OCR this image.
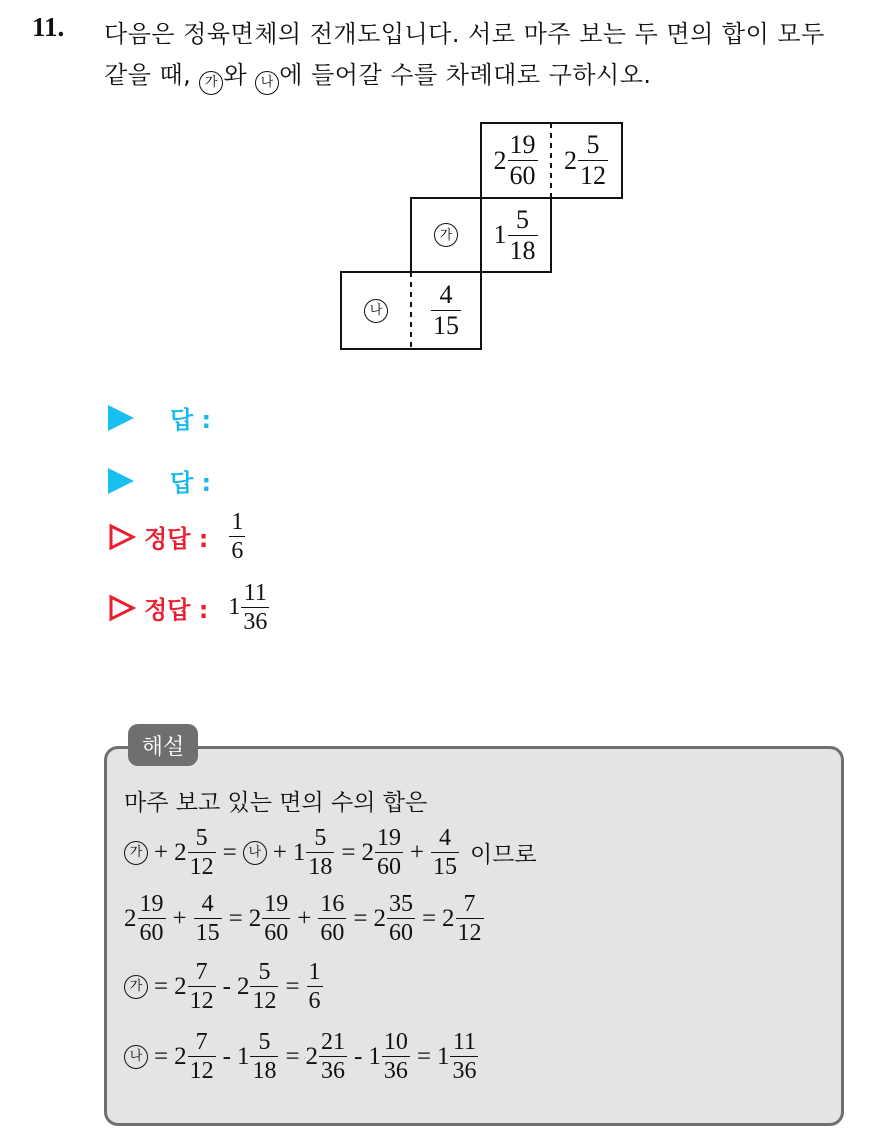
11. 다음은 정육면체의 전개도입니다. 서로 마주 보는 두 면의 합이 모두
같을 때, 가 와 나 에 들어갈 수를 차례대로 구하시오.
$2 \frac{19}{60} 2 \frac{5}{12}$
가 $1 \frac{5}{18}$
나 $\frac{4}{15}$
답 :
답 :
정답 : $\frac{1}{6}$
정답 : $1 \frac{11}{36}$
해설
마주 보고 있는 면의 수의 합은
가 + $2 \frac{5}{12}$ = 나 + $1 \frac{5}{18} = 2 \frac{19}{60} + \frac{4}{15}$ 이므로
$2 \frac{19}{60} + \frac{4}{15} = 2 \frac{19}{60} + \frac{16}{60} = 2 \frac{35}{60} = 2 \frac{7}{12}$
가 = $2 \frac{7}{12} - 2 \frac{5}{12} = \frac{1}{6}$
나 = $2 \frac{7}{12} - 1 \frac{5}{18} = 2 \frac{21}{36} - 1 \frac{10}{36} = 1 \frac{11}{36}$
